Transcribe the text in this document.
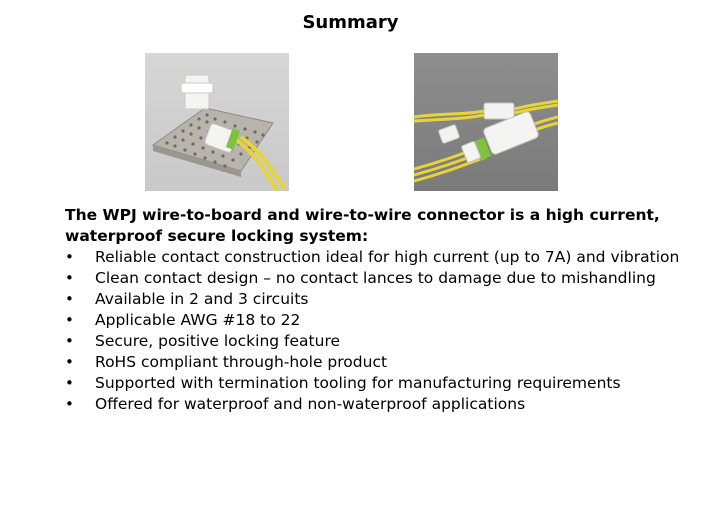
Summary
The WPJ wire-to-board and wire-to-wire connector is a high current, waterproof secure locking system:
•	Reliable contact construction ideal for high current (up to 7A) and vibration
•	Clean contact design – no contact lances to damage due to mishandling
•	Available in 2 and 3 circuits
•	Applicable AWG #18 to 22
•	Secure, positive locking feature
•	RoHS compliant through-hole product
•	Supported with termination tooling for manufacturing requirements
•	Offered for waterproof and non-waterproof applications
